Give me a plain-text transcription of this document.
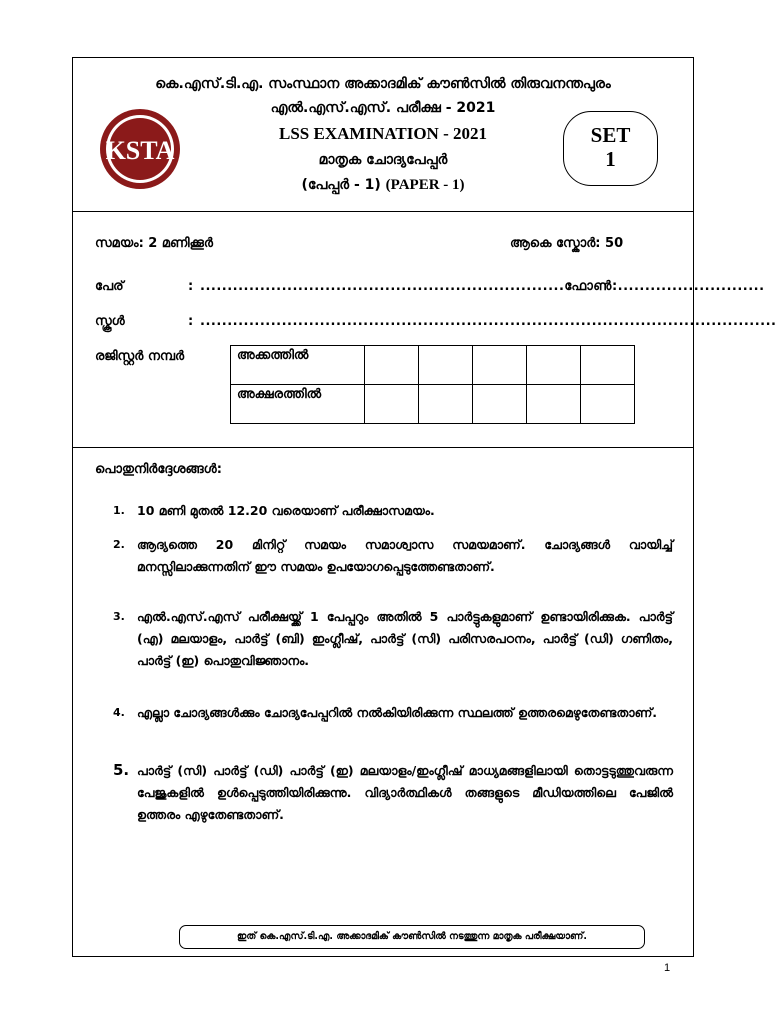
കെ.എസ്.ടി.എ. സംസ്ഥാന അക്കാദമിക് കൗൺസിൽ തിരുവനന്തപുരം
എൽ.എസ്.എസ്. പരീക്ഷ - 2021
KSTA
LSS EXAMINATION - 2021
മാതൃക ചോദ്യപേപ്പർ
(പേപ്പർ - 1) (PAPER - 1)
SET
1
സമയം: 2 മണിക്കൂർ	ആകെ സ്കോർ: 50
പേര്	: ...................................................................ഫോൺ:...........................
സ്കൂൾ	: ..........................................................................................................
രജിസ്റ്റർ നമ്പർ	അക്കത്തിൽ					
അക്ഷരത്തിൽ					
പൊതുനിർദ്ദേശങ്ങൾ:
1. 10 മണി മുതൽ 12.20 വരെയാണ് പരീക്ഷാസമയം.
2. ആദ്യത്തെ 20 മിനിറ്റ് സമയം സമാശ്വാസ സമയമാണ്. ചോദ്യങ്ങൾ വായിച്ച് മനസ്സിലാക്കുന്നതിന് ഈ സമയം ഉപയോഗപ്പെടുത്തേണ്ടതാണ്.
3. എൽ.എസ്.എസ് പരീക്ഷയ്ക്ക് 1 പേപ്പറും അതിൽ 5 പാർട്ടുകളുമാണ് ഉണ്ടായിരിക്കുക. പാർട്ട് (എ) മലയാളം, പാർട്ട് (ബി) ഇംഗ്ലീഷ്, പാർട്ട് (സി) പരിസരപഠനം, പാർട്ട് (ഡി) ഗണിതം, പാർട്ട് (ഇ) പൊതുവിജ്ഞാനം.
4. എല്ലാ ചോദ്യങ്ങൾക്കും ചോദ്യപേപ്പറിൽ നൽകിയിരിക്കുന്ന സ്ഥലത്ത് ഉത്തരമെഴുതേണ്ടതാണ്.
5. പാർട്ട് (സി) പാർട്ട് (ഡി) പാർട്ട് (ഇ) മലയാളം/ഇംഗ്ലീഷ് മാധ്യമങ്ങളിലായി തൊട്ടടുത്തുവരുന്ന പേജുകളിൽ ഉൾപ്പെടുത്തിയിരിക്കുന്നു. വിദ്യാർത്ഥികൾ തങ്ങളുടെ മീഡിയത്തിലെ പേജിൽ ഉത്തരം എഴുതേണ്ടതാണ്.
ഇത് കെ.എസ്.ടി.എ. അക്കാദമിക് കൗൺസിൽ നടത്തുന്ന മാതൃക പരീക്ഷയാണ്.
1
